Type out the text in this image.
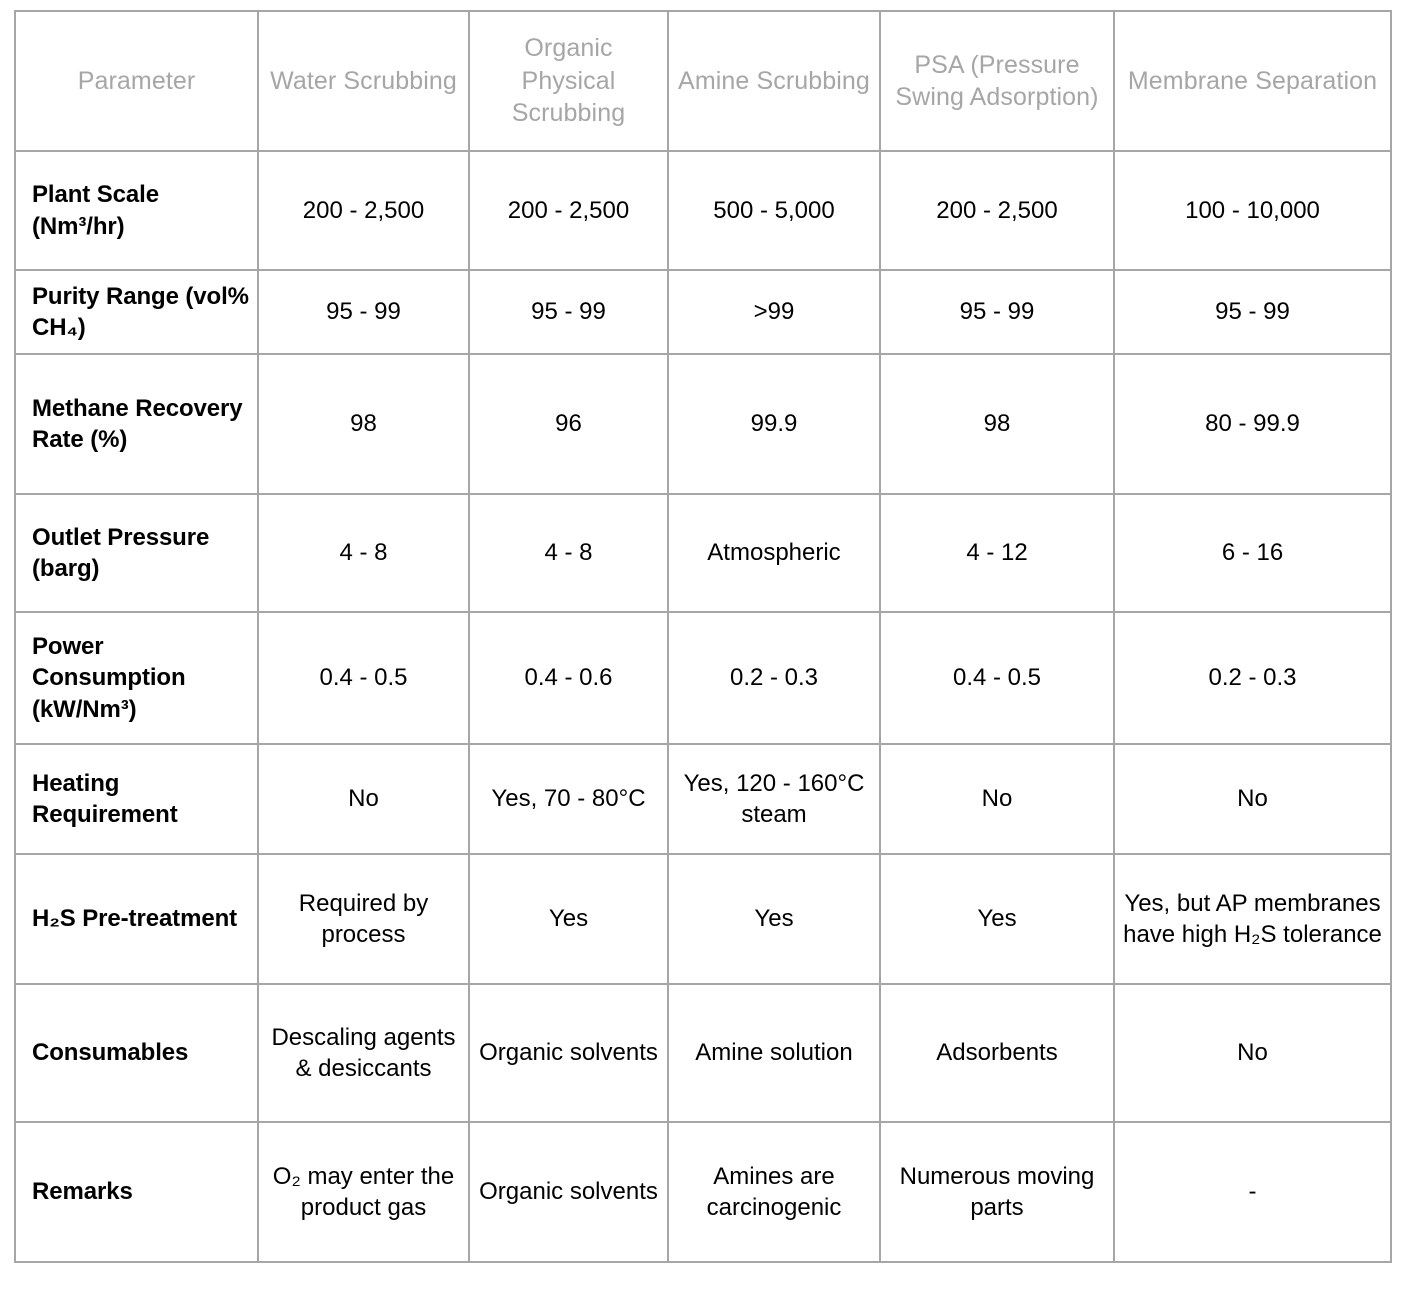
Parameter	Water Scrubbing	Organic Physical Scrubbing	Amine Scrubbing	PSA (Pressure Swing Adsorption)	Membrane Separation
Plant Scale (Nm³/hr)	200 - 2,500	200 - 2,500	500 - 5,000	200 - 2,500	100 - 10,000
Purity Range (vol% CH₄)	95 - 99	95 - 99	>99	95 - 99	95 - 99
Methane Recovery Rate (%)	98	96	99.9	98	80 - 99.9
Outlet Pressure (barg)	4 - 8	4 - 8	Atmospheric	4 - 12	6 - 16
Power Consumption (kW/Nm³)	0.4 - 0.5	0.4 - 0.6	0.2 - 0.3	0.4 - 0.5	0.2 - 0.3
Heating Requirement	No	Yes, 70 - 80°C	Yes, 120 - 160°C steam	No	No
H₂S Pre-treatment	Required by process	Yes	Yes	Yes	Yes, but AP membranes have high H₂S tolerance
Consumables	Descaling agents & desiccants	Organic solvents	Amine solution	Adsorbents	No
Remarks	O₂ may enter the product gas	Organic solvents	Amines are carcinogenic	Numerous moving parts	-
